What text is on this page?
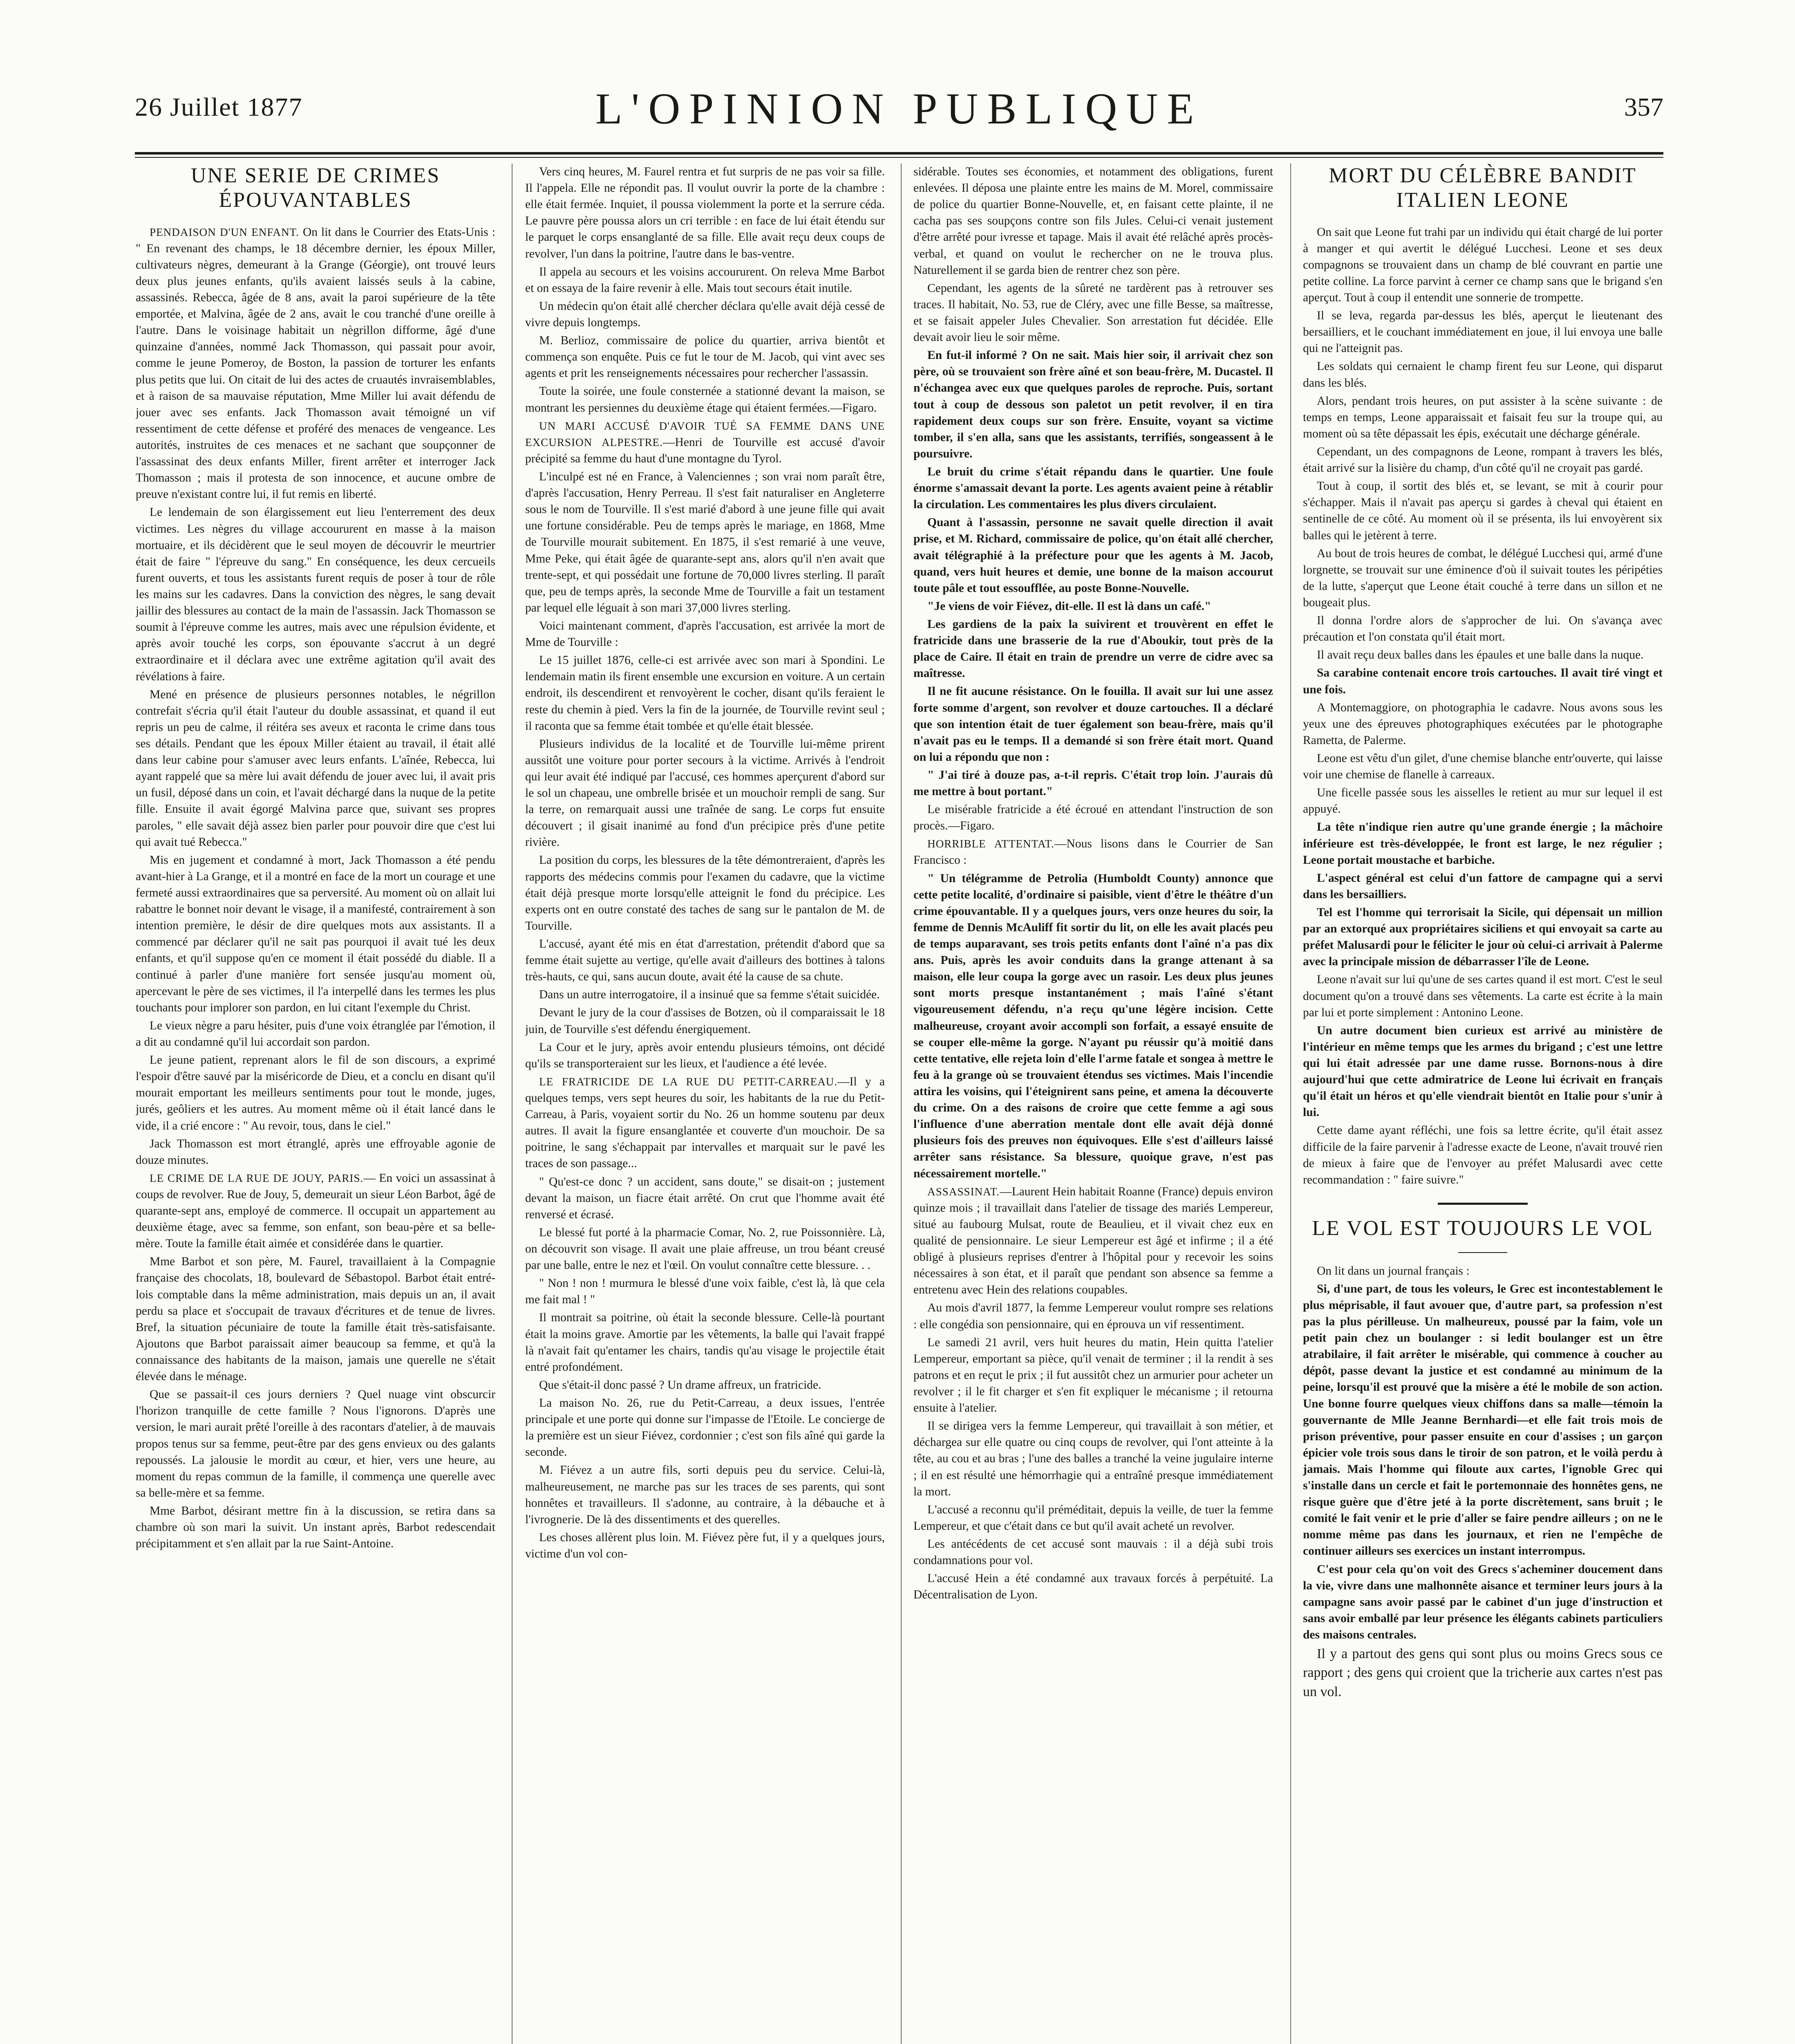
26 Juillet 1877	L'OPINION PUBLIQUE	357
UNE SERIE DE CRIMES ÉPOUVANTABLES

PENDAISON D'UN ENFANT. On lit dans le Courrier des Etats-Unis : " En revenant des champs, le 18 décembre dernier, les époux Miller, cultivateurs nègres, demeurant à la Grange (Géorgie), ont trouvé leurs deux plus jeunes enfants, qu'ils avaient laissés seuls à la cabine, assassinés. Rebecca, âgée de 8 ans, avait la paroi supérieure de la tête emportée, et Malvina, âgée de 2 ans, avait le cou tranché d'une oreille à l'autre. Dans le voisinage habitait un nègrillon difforme, âgé d'une quinzaine d'années, nommé Jack Thomasson, qui passait pour avoir, comme le jeune Pomeroy, de Boston, la passion de torturer les enfants plus petits que lui. On citait de lui des actes de cruautés invraisemblables, et à raison de sa mauvaise réputation, Mme Miller lui avait défendu de jouer avec ses enfants. Jack Thomasson avait témoigné un vif ressentiment de cette défense et proféré des menaces de vengeance. Les autorités, instruites de ces menaces et ne sachant que soupçonner de l'assassinat des deux enfants Miller, firent arrêter et interroger Jack Thomasson ; mais il protesta de son innocence, et aucune ombre de preuve n'existant contre lui, il fut remis en liberté.

Le lendemain de son élargissement eut lieu l'enterrement des deux victimes. Les nègres du village accoururent en masse à la maison mortuaire, et ils décidèrent que le seul moyen de découvrir le meurtrier était de faire " l'épreuve du sang." En conséquence, les deux cercueils furent ouverts, et tous les assistants furent requis de poser à tour de rôle les mains sur les cadavres. Dans la conviction des nègres, le sang devait jaillir des blessures au contact de la main de l'assassin. Jack Thomasson se soumit à l'épreuve comme les autres, mais avec une répulsion évidente, et après avoir touché les corps, son épouvante s'accrut à un degré extraordinaire et il déclara avec une extrême agitation qu'il avait des révélations à faire.

Mené en présence de plusieurs personnes notables, le négrillon contrefait s'écria qu'il était l'auteur du double assassinat, et quand il eut repris un peu de calme, il réitéra ses aveux et raconta le crime dans tous ses détails. Pendant que les époux Miller étaient au travail, il était allé dans leur cabine pour s'amuser avec leurs enfants. L'aînée, Rebecca, lui ayant rappelé que sa mère lui avait défendu de jouer avec lui, il avait pris un fusil, déposé dans un coin, et l'avait déchargé dans la nuque de la petite fille. Ensuite il avait égorgé Malvina parce que, suivant ses propres paroles, " elle savait déjà assez bien parler pour pouvoir dire que c'est lui qui avait tué Rebecca."

Mis en jugement et condamné à mort, Jack Thomasson a été pendu avant-hier à La Grange, et il a montré en face de la mort un courage et une fermeté aussi extraordinaires que sa perversité. Au moment où on allait lui rabattre le bonnet noir devant le visage, il a manifesté, contrairement à son intention première, le désir de dire quelques mots aux assistants. Il a commencé par déclarer qu'il ne sait pas pourquoi il avait tué les deux enfants, et qu'il suppose qu'en ce moment il était possédé du diable. Il a continué à parler d'une manière fort sensée jusqu'au moment où, apercevant le père de ses victimes, il l'a interpellé dans les termes les plus touchants pour implorer son pardon, en lui citant l'exemple du Christ.

Le vieux nègre a paru hésiter, puis d'une voix étranglée par l'émotion, il a dit au condamné qu'il lui accordait son pardon.

Le jeune patient, reprenant alors le fil de son discours, a exprimé l'espoir d'être sauvé par la miséricorde de Dieu, et a conclu en disant qu'il mourait emportant les meilleurs sentiments pour tout le monde, juges, jurés, geôliers et les autres. Au moment même où il était lancé dans le vide, il a crié encore : " Au revoir, tous, dans le ciel."

Jack Thomasson est mort étranglé, après une effroyable agonie de douze minutes.

LE CRIME DE LA RUE DE JOUY, PARIS.— En voici un assassinat à coups de revolver. Rue de Jouy, 5, demeurait un sieur Léon Barbot, âgé de quarante-sept ans, employé de commerce. Il occupait un appartement au deuxième étage, avec sa femme, son enfant, son beau-père et sa belle-mère. Toute la famille était aimée et considérée dans le quartier.

Mme Barbot et son père, M. Faurel, travaillaient à la Compagnie française des chocolats, 18, boulevard de Sébastopol. Barbot était entré-lois comptable dans la même administration, mais depuis un an, il avait perdu sa place et s'occupait de travaux d'écritures et de tenue de livres. Bref, la situation pécuniaire de toute la famille était très-satisfaisante. Ajoutons que Barbot paraissait aimer beaucoup sa femme, et qu'à la connaissance des habitants de la maison, jamais une querelle ne s'était élevée dans le ménage.

Que se passait-il ces jours derniers ? Quel nuage vint obscurcir l'horizon tranquille de cette famille ? Nous l'ignorons. D'après une version, le mari aurait prêté l'oreille à des racontars d'atelier, à de mauvais propos tenus sur sa femme, peut-être par des gens envieux ou des galants repoussés. La jalousie le mordit au cœur, et hier, vers une heure, au moment du repas commun de la famille, il commença une querelle avec sa belle-mère et sa femme.

Mme Barbot, désirant mettre fin à la discussion, se retira dans sa chambre où son mari la suivit. Un instant après, Barbot redescendait précipitamment et s'en allait par la rue Saint-Antoine.

Vers cinq heures, M. Faurel rentra et fut surpris de ne pas voir sa fille. Il l'appela. Elle ne répondit pas. Il voulut ouvrir la porte de la chambre : elle était fermée. Inquiet, il poussa violemment la porte et la serrure céda. Le pauvre père poussa alors un cri terrible : en face de lui était étendu sur le parquet le corps ensanglanté de sa fille. Elle avait reçu deux coups de revolver, l'un dans la poitrine, l'autre dans le bas-ventre.

Il appela au secours et les voisins accoururent. On releva Mme Barbot et on essaya de la faire revenir à elle. Mais tout secours était inutile.

Un médecin qu'on était allé chercher déclara qu'elle avait déjà cessé de vivre depuis longtemps.

M. Berlioz, commissaire de police du quartier, arriva bientôt et commença son enquête. Puis ce fut le tour de M. Jacob, qui vint avec ses agents et prit les renseignements nécessaires pour rechercher l'assassin.

Toute la soirée, une foule consternée a stationné devant la maison, se montrant les persiennes du deuxième étage qui étaient fermées.—Figaro.

UN MARI ACCUSÉ D'AVOIR TUÉ SA FEMME DANS UNE EXCURSION ALPESTRE.—Henri de Tourville est accusé d'avoir précipité sa femme du haut d'une montagne du Tyrol.

L'inculpé est né en France, à Valenciennes ; son vrai nom paraît être, d'après l'accusation, Henry Perreau. Il s'est fait naturaliser en Angleterre sous le nom de Tourville. Il s'est marié d'abord à une jeune fille qui avait une fortune considérable. Peu de temps après le mariage, en 1868, Mme de Tourville mourait subitement. En 1875, il s'est remarié à une veuve, Mme Peke, qui était âgée de quarante-sept ans, alors qu'il n'en avait que trente-sept, et qui possédait une fortune de 70,000 livres sterling. Il paraît que, peu de temps après, la seconde Mme de Tourville a fait un testament par lequel elle léguait à son mari 37,000 livres sterling.

Voici maintenant comment, d'après l'accusation, est arrivée la mort de Mme de Tourville :

Le 15 juillet 1876, celle-ci est arrivée avec son mari à Spondini. Le lendemain matin ils firent ensemble une excursion en voiture. A un certain endroit, ils descendirent et renvoyèrent le cocher, disant qu'ils feraient le reste du chemin à pied. Vers la fin de la journée, de Tourville revint seul ; il raconta que sa femme était tombée et qu'elle était blessée.

Plusieurs individus de la localité et de Tourville lui-même prirent aussitôt une voiture pour porter secours à la victime. Arrivés à l'endroit qui leur avait été indiqué par l'accusé, ces hommes aperçurent d'abord sur le sol un chapeau, une ombrelle brisée et un mouchoir rempli de sang. Sur la terre, on remarquait aussi une traînée de sang. Le corps fut ensuite découvert ; il gisait inanimé au fond d'un précipice près d'une petite rivière.

La position du corps, les blessures de la tête démontreraient, d'après les rapports des médecins commis pour l'examen du cadavre, que la victime était déjà presque morte lorsqu'elle atteignit le fond du précipice. Les experts ont en outre constaté des taches de sang sur le pantalon de M. de Tourville.

L'accusé, ayant été mis en état d'arrestation, prétendit d'abord que sa femme était sujette au vertige, qu'elle avait d'ailleurs des bottines à talons très-hauts, ce qui, sans aucun doute, avait été la cause de sa chute.

Dans un autre interrogatoire, il a insinué que sa femme s'était suicidée.

Devant le jury de la cour d'assises de Botzen, où il comparaissait le 18 juin, de Tourville s'est défendu énergiquement.

La Cour et le jury, après avoir entendu plusieurs témoins, ont décidé qu'ils se transporteraient sur les lieux, et l'audience a été levée.

LE FRATRICIDE DE LA RUE DU PETIT-CARREAU.—Il y a quelques temps, vers sept heures du soir, les habitants de la rue du Petit-Carreau, à Paris, voyaient sortir du No. 26 un homme soutenu par deux autres. Il avait la figure ensanglantée et couverte d'un mouchoir. De sa poitrine, le sang s'échappait par intervalles et marquait sur le pavé les traces de son passage...

" Qu'est-ce donc ? un accident, sans doute," se disait-on ; justement devant la maison, un fiacre était arrêté. On crut que l'homme avait été renversé et écrasé.

Le blessé fut porté à la pharmacie Comar, No. 2, rue Poissonnière. Là, on découvrit son visage. Il avait une plaie affreuse, un trou béant creusé par une balle, entre le nez et l'œil. On voulut connaître cette blessure. . .

" Non ! non ! murmura le blessé d'une voix faible, c'est là, là que cela me fait mal ! "

Il montrait sa poitrine, où était la seconde blessure. Celle-là pourtant était la moins grave. Amortie par les vêtements, la balle qui l'avait frappé là n'avait fait qu'entamer les chairs, tandis qu'au visage le projectile était entré profondément.

Que s'était-il donc passé ? Un drame affreux, un fratricide.

La maison No. 26, rue du Petit-Carreau, a deux issues, l'entrée principale et une porte qui donne sur l'impasse de l'Etoile. Le concierge de la première est un sieur Fiévez, cordonnier ; c'est son fils aîné qui garde la seconde.

M. Fiévez a un autre fils, sorti depuis peu du service. Celui-là, malheureusement, ne marche pas sur les traces de ses parents, qui sont honnêtes et travailleurs. Il s'adonne, au contraire, à la débauche et à l'ivrognerie. De là des dissentiments et des querelles.

Les choses allèrent plus loin. M. Fiévez père fut, il y a quelques jours, victime d'un vol con-

sidérable. Toutes ses économies, et notamment des obligations, furent enlevées. Il déposa une plainte entre les mains de M. Morel, commissaire de police du quartier Bonne-Nouvelle, et, en faisant cette plainte, il ne cacha pas ses soupçons contre son fils Jules. Celui-ci venait justement d'être arrêté pour ivresse et tapage. Mais il avait été relâché après procès-verbal, et quand on voulut le rechercher on ne le trouva plus. Naturellement il se garda bien de rentrer chez son père.

Cependant, les agents de la sûreté ne tardèrent pas à retrouver ses traces. Il habitait, No. 53, rue de Cléry, avec une fille Besse, sa maîtresse, et se faisait appeler Jules Chevalier. Son arrestation fut décidée. Elle devait avoir lieu le soir même.

En fut-il informé ? On ne sait. Mais hier soir, il arrivait chez son père, où se trouvaient son frère aîné et son beau-frère, M. Ducastel. Il n'échangea avec eux que quelques paroles de reproche. Puis, sortant tout à coup de dessous son paletot un petit revolver, il en tira rapidement deux coups sur son frère. Ensuite, voyant sa victime tomber, il s'en alla, sans que les assistants, terrifiés, songeassent à le poursuivre.

Le bruit du crime s'était répandu dans le quartier. Une foule énorme s'amassait devant la porte. Les agents avaient peine à rétablir la circulation. Les commentaires les plus divers circulaient.

Quant à l'assassin, personne ne savait quelle direction il avait prise, et M. Richard, commissaire de police, qu'on était allé chercher, avait télégraphié à la préfecture pour que les agents à M. Jacob, quand, vers huit heures et demie, une bonne de la maison accourut toute pâle et tout essoufflée, au poste Bonne-Nouvelle.

"Je viens de voir Fiévez, dit-elle. Il est là dans un café."

Les gardiens de la paix la suivirent et trouvèrent en effet le fratricide dans une brasserie de la rue d'Aboukir, tout près de la place de Caire. Il était en train de prendre un verre de cidre avec sa maîtresse.

Il ne fit aucune résistance. On le fouilla. Il avait sur lui une assez forte somme d'argent, son revolver et douze cartouches. Il a déclaré que son intention était de tuer également son beau-frère, mais qu'il n'avait pas eu le temps. Il a demandé si son frère était mort. Quand on lui a répondu que non :

" J'ai tiré à douze pas, a-t-il repris. C'était trop loin. J'aurais dû me mettre à bout portant."

Le misérable fratricide a été écroué en attendant l'instruction de son procès.—Figaro.

HORRIBLE ATTENTAT.—Nous lisons dans le Courrier de San Francisco :

" Un télégramme de Petrolia (Humboldt County) annonce que cette petite localité, d'ordinaire si paisible, vient d'être le théâtre d'un crime épouvantable. Il y a quelques jours, vers onze heures du soir, la femme de Dennis McAuliff fit sortir du lit, on elle les avait placés peu de temps auparavant, ses trois petits enfants dont l'aîné n'a pas dix ans. Puis, après les avoir conduits dans la grange attenant à sa maison, elle leur coupa la gorge avec un rasoir. Les deux plus jeunes sont morts presque instantanément ; mais l'aîné s'étant vigoureusement défendu, n'a reçu qu'une légère incision. Cette malheureuse, croyant avoir accompli son forfait, a essayé ensuite de se couper elle-même la gorge. N'ayant pu réussir qu'à moitié dans cette tentative, elle rejeta loin d'elle l'arme fatale et songea à mettre le feu à la grange où se trouvaient étendus ses victimes. Mais l'incendie attira les voisins, qui l'éteignirent sans peine, et amena la découverte du crime. On a des raisons de croire que cette femme a agi sous l'influence d'une aberration mentale dont elle avait déjà donné plusieurs fois des preuves non équivoques. Elle s'est d'ailleurs laissé arrêter sans résistance. Sa blessure, quoique grave, n'est pas nécessairement mortelle."

ASSASSINAT.—Laurent Hein habitait Roanne (France) depuis environ quinze mois ; il travaillait dans l'atelier de tissage des mariés Lempereur, situé au faubourg Mulsat, route de Beaulieu, et il vivait chez eux en qualité de pensionnaire. Le sieur Lempereur est âgé et infirme ; il a été obligé à plusieurs reprises d'entrer à l'hôpital pour y recevoir les soins nécessaires à son état, et il paraît que pendant son absence sa femme a entretenu avec Hein des relations coupables.

Au mois d'avril 1877, la femme Lempereur voulut rompre ses relations : elle congédia son pensionnaire, qui en éprouva un vif ressentiment.

Le samedi 21 avril, vers huit heures du matin, Hein quitta l'atelier Lempereur, emportant sa pièce, qu'il venait de terminer ; il la rendit à ses patrons et en reçut le prix ; il fut aussitôt chez un armurier pour acheter un revolver ; il le fit charger et s'en fit expliquer le mécanisme ; il retourna ensuite à l'atelier.

Il se dirigea vers la femme Lempereur, qui travaillait à son métier, et déchargea sur elle quatre ou cinq coups de revolver, qui l'ont atteinte à la tête, au cou et au bras ; l'une des balles a tranché la veine jugulaire interne ; il en est résulté une hémorrhagie qui a entraîné presque immédiatement la mort.

L'accusé a reconnu qu'il préméditait, depuis la veille, de tuer la femme Lempereur, et que c'était dans ce but qu'il avait acheté un revolver.

Les antécédents de cet accusé sont mauvais : il a déjà subi trois condamnations pour vol.

L'accusé Hein a été condamné aux travaux forcés à perpétuité. La Décentralisation de Lyon.

MORT DU CÉLÈBRE BANDIT ITALIEN LEONE

On sait que Leone fut trahi par un individu qui était chargé de lui porter à manger et qui avertit le délégué Lucchesi. Leone et ses deux compagnons se trouvaient dans un champ de blé couvrant en partie une petite colline. La force parvint à cerner ce champ sans que le brigand s'en aperçut. Tout à coup il entendit une sonnerie de trompette.

Il se leva, regarda par-dessus les blés, aperçut le lieutenant des bersailliers, et le couchant immédiatement en joue, il lui envoya une balle qui ne l'atteignit pas.

Les soldats qui cernaient le champ firent feu sur Leone, qui disparut dans les blés.

Alors, pendant trois heures, on put assister à la scène suivante : de temps en temps, Leone apparaissait et faisait feu sur la troupe qui, au moment où sa tête dépassait les épis, exécutait une décharge générale.

Cependant, un des compagnons de Leone, rompant à travers les blés, était arrivé sur la lisière du champ, d'un côté qu'il ne croyait pas gardé.

Tout à coup, il sortit des blés et, se levant, se mit à courir pour s'échapper. Mais il n'avait pas aperçu si gardes à cheval qui étaient en sentinelle de ce côté. Au moment où il se présenta, ils lui envoyèrent six balles qui le jetèrent à terre.

Au bout de trois heures de combat, le délégué Lucchesi qui, armé d'une lorgnette, se trouvait sur une éminence d'où il suivait toutes les péripéties de la lutte, s'aperçut que Leone était couché à terre dans un sillon et ne bougeait plus.

Il donna l'ordre alors de s'approcher de lui. On s'avança avec précaution et l'on constata qu'il était mort.

Il avait reçu deux balles dans les épaules et une balle dans la nuque.

Sa carabine contenait encore trois cartouches. Il avait tiré vingt et une fois.

A Montemaggiore, on photographia le cadavre. Nous avons sous les yeux une des épreuves photographiques exécutées par le photographe Rametta, de Palerme.

Leone est vêtu d'un gilet, d'une chemise blanche entr'ouverte, qui laisse voir une chemise de flanelle à carreaux.

Une ficelle passée sous les aisselles le retient au mur sur lequel il est appuyé.

La tête n'indique rien autre qu'une grande énergie ; la mâchoire inférieure est très-développée, le front est large, le nez régulier ; Leone portait moustache et barbiche.

L'aspect général est celui d'un fattore de campagne qui a servi dans les bersailliers.

Tel est l'homme qui terrorisait la Sicile, qui dépensait un million par an extorqué aux propriétaires siciliens et qui envoyait sa carte au préfet Malusardi pour le féliciter le jour où celui-ci arrivait à Palerme avec la principale mission de débarrasser l'île de Leone.

Leone n'avait sur lui qu'une de ses cartes quand il est mort. C'est le seul document qu'on a trouvé dans ses vêtements. La carte est écrite à la main par lui et porte simplement : Antonino Leone.

Un autre document bien curieux est arrivé au ministère de l'intérieur en même temps que les armes du brigand ; c'est une lettre qui lui était adressée par une dame russe. Bornons-nous à dire aujourd'hui que cette admiratrice de Leone lui écrivait en français qu'il était un héros et qu'elle viendrait bientôt en Italie pour s'unir à lui.

Cette dame ayant réfléchi, une fois sa lettre écrite, qu'il était assez difficile de la faire parvenir à l'adresse exacte de Leone, n'avait trouvé rien de mieux à faire que de l'envoyer au préfet Malusardi avec cette recommandation : " faire suivre."

LE VOL EST TOUJOURS LE VOL

On lit dans un journal français :

Si, d'une part, de tous les voleurs, le Grec est incontestablement le plus méprisable, il faut avouer que, d'autre part, sa profession n'est pas la plus périlleuse. Un malheureux, poussé par la faim, vole un petit pain chez un boulanger : si ledit boulanger est un être atrabilaire, il fait arrêter le misérable, qui commence à coucher au dépôt, passe devant la justice et est condamné au minimum de la peine, lorsqu'il est prouvé que la misère a été le mobile de son action. Une bonne fourre quelques vieux chiffons dans sa malle—témoin la gouvernante de Mlle Jeanne Bernhardi—et elle fait trois mois de prison préventive, pour passer ensuite en cour d'assises ; un garçon épicier vole trois sous dans le tiroir de son patron, et le voilà perdu à jamais. Mais l'homme qui filoute aux cartes, l'ignoble Grec qui s'installe dans un cercle et fait le portemonnaie des honnêtes gens, ne risque guère que d'être jeté à la porte discrètement, sans bruit ; le comité le fait venir et le prie d'aller se faire pendre ailleurs ; on ne le nomme même pas dans les journaux, et rien ne l'empêche de continuer ailleurs ses exercices un instant interrompus.

C'est pour cela qu'on voit des Grecs s'acheminer doucement dans la vie, vivre dans une malhonnête aisance et terminer leurs jours à la campagne sans avoir passé par le cabinet d'un juge d'instruction et sans avoir emballé par leur présence les élégants cabinets particuliers des maisons centrales.

Il y a partout des gens qui sont plus ou moins Grecs sous ce rapport ; des gens qui croient que la tricherie aux cartes n'est pas un vol.
